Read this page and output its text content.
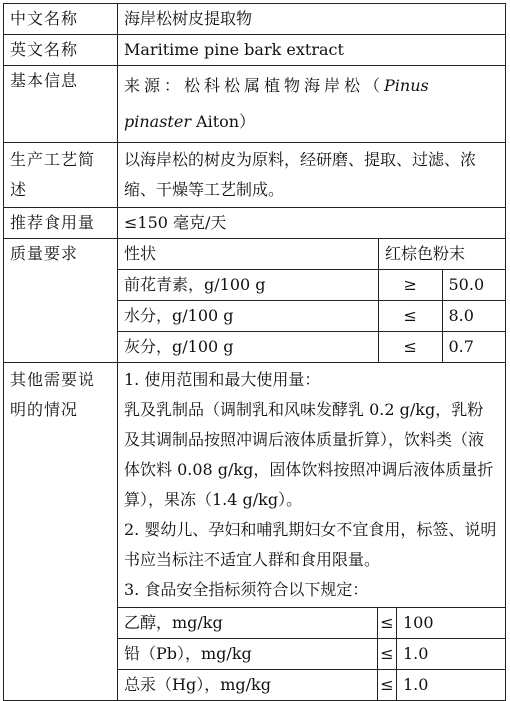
中文名称	海岸松树皮提取物
英文名称	Maritime pine bark extract
基本信息	来源：松科松属植物海岸松（Pinus pinaster Aiton）
生产工艺简述	以海岸松的树皮为原料，经研磨、提取、过滤、浓缩、干燥等工艺制成。
推荐食用量	≤150 毫克/天
质量要求		性状	红棕色粉末
前花青素，g/100 g	≥	50.0
水分，g/100 g	≤	8.0
灰分，g/100 g	≤	0.7

其他需要说明的情况	

1. 使用范围和最大使用量：

乳及乳制品（调制乳和风味发酵乳 0.2 g/kg，乳粉及其调制品按照冲调后液体质量折算），饮料类（液体饮料 0.08 g/kg，固体饮料按照冲调后液体质量折算），果冻（1.4 g/kg）。

2. 婴幼儿、孕妇和哺乳期妇女不宜食用，标签、说明书应当标注不适宜人群和食用限量。

3. 食品安全指标须符合以下规定：

乙醇，mg/kg	≤	100
铅（Pb），mg/kg	≤	1.0
总汞（Hg），mg/kg	≤	1.0
